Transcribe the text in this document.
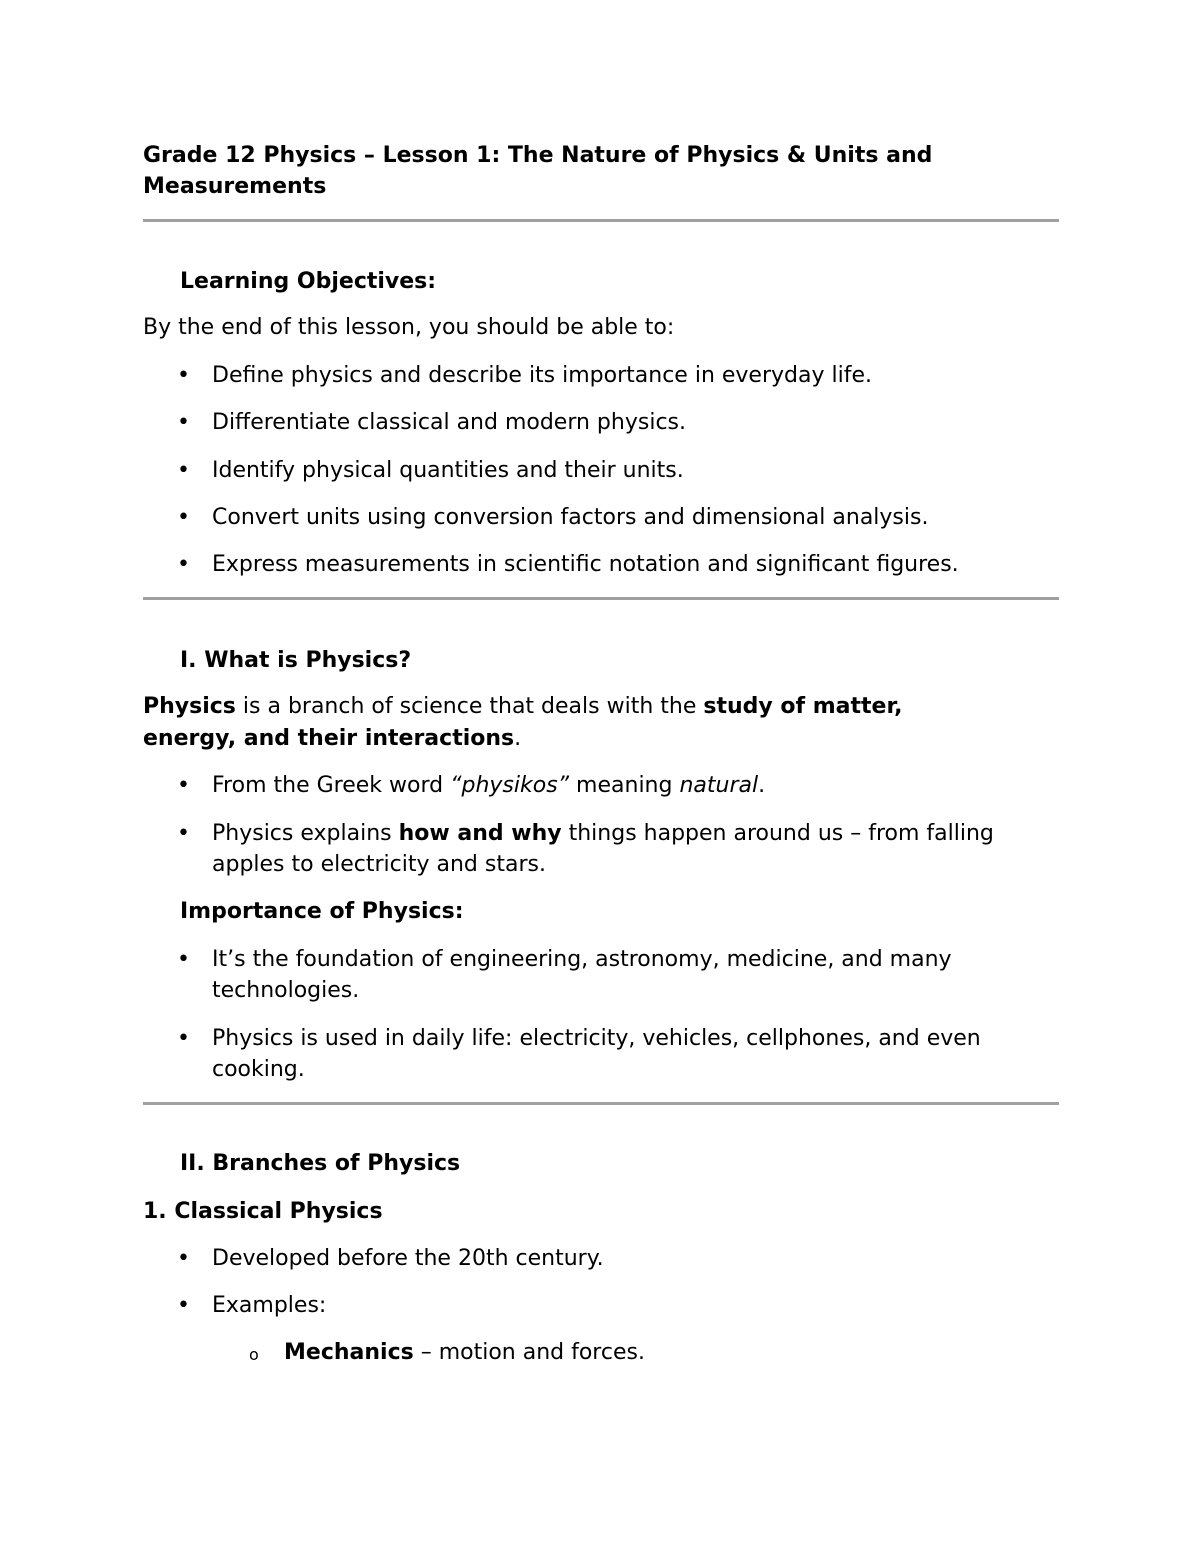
Grade 12 Physics – Lesson 1: The Nature of Physics & Units and
Measurements
Learning Objectives:
By the end of this lesson, you should be able to:
• Define physics and describe its importance in everyday life.
• Differentiate classical and modern physics.
• Identify physical quantities and their units.
• Convert units using conversion factors and dimensional analysis.
• Express measurements in scientific notation and significant figures.
I. What is Physics?
Physics is a branch of science that deals with the study of matter,
energy, and their interactions.
• From the Greek word “physikos” meaning natural.
• Physics explains how and why things happen around us – from falling
apples to electricity and stars.
Importance of Physics:
• It’s the foundation of engineering, astronomy, medicine, and many
technologies.
• Physics is used in daily life: electricity, vehicles, cellphones, and even
cooking.
II. Branches of Physics
1. Classical Physics
• Developed before the 20th century.
• Examples:
o Mechanics – motion and forces.
